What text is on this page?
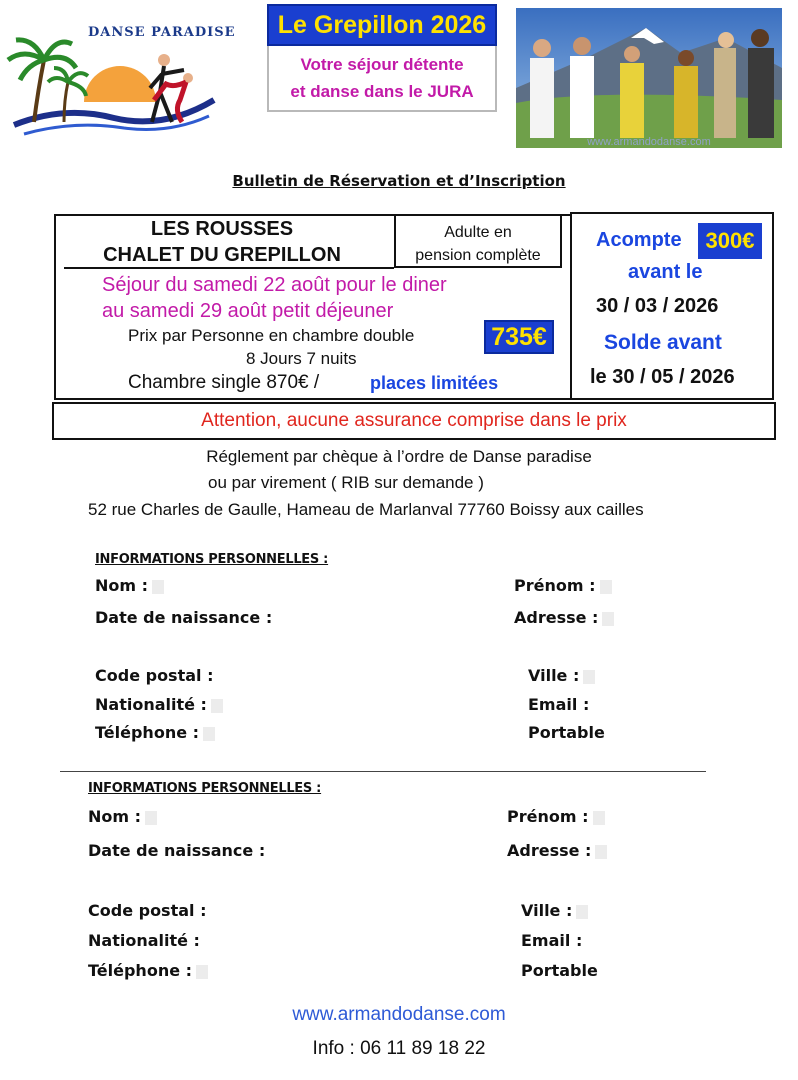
DANSE PARADISE	Le Grepillon 2026
Votre séjour détente
et danse dans le JURA
www.armandodanse.com
Bulletin de Réservation et d’Inscription
LES ROUSSES
CHALET DU GREPILLON
Adulte en
pension complète
Séjour du samedi 22 août pour le diner
au samedi 29 août petit déjeuner
Prix par Personne en chambre double	735€
8 Jours 7 nuits
Chambre single 870€ /	places limitées
Acompte	300€
avant le
30 / 03 / 2026
Solde avant
le 30 / 05 / 2026
Attention, aucune assurance comprise dans le prix
Réglement par chèque à l’ordre de Danse paradise
ou par virement ( RIB sur demande )
52 rue Charles de Gaulle, Hameau de Marlanval 77760 Boissy aux cailles
INFORMATIONS PERSONNELLES :
Nom :	Prénom :
Date de naissance :	Adresse :
Code postal :	Ville :
Nationalité :	Email :
Téléphone :	Portable
INFORMATIONS PERSONNELLES :
Nom :	Prénom :
Date de naissance :	Adresse :
Code postal :	Ville :
Nationalité :	Email :
Téléphone :	Portable
www.armandodanse.com
Info : 06 11 89 18 22
